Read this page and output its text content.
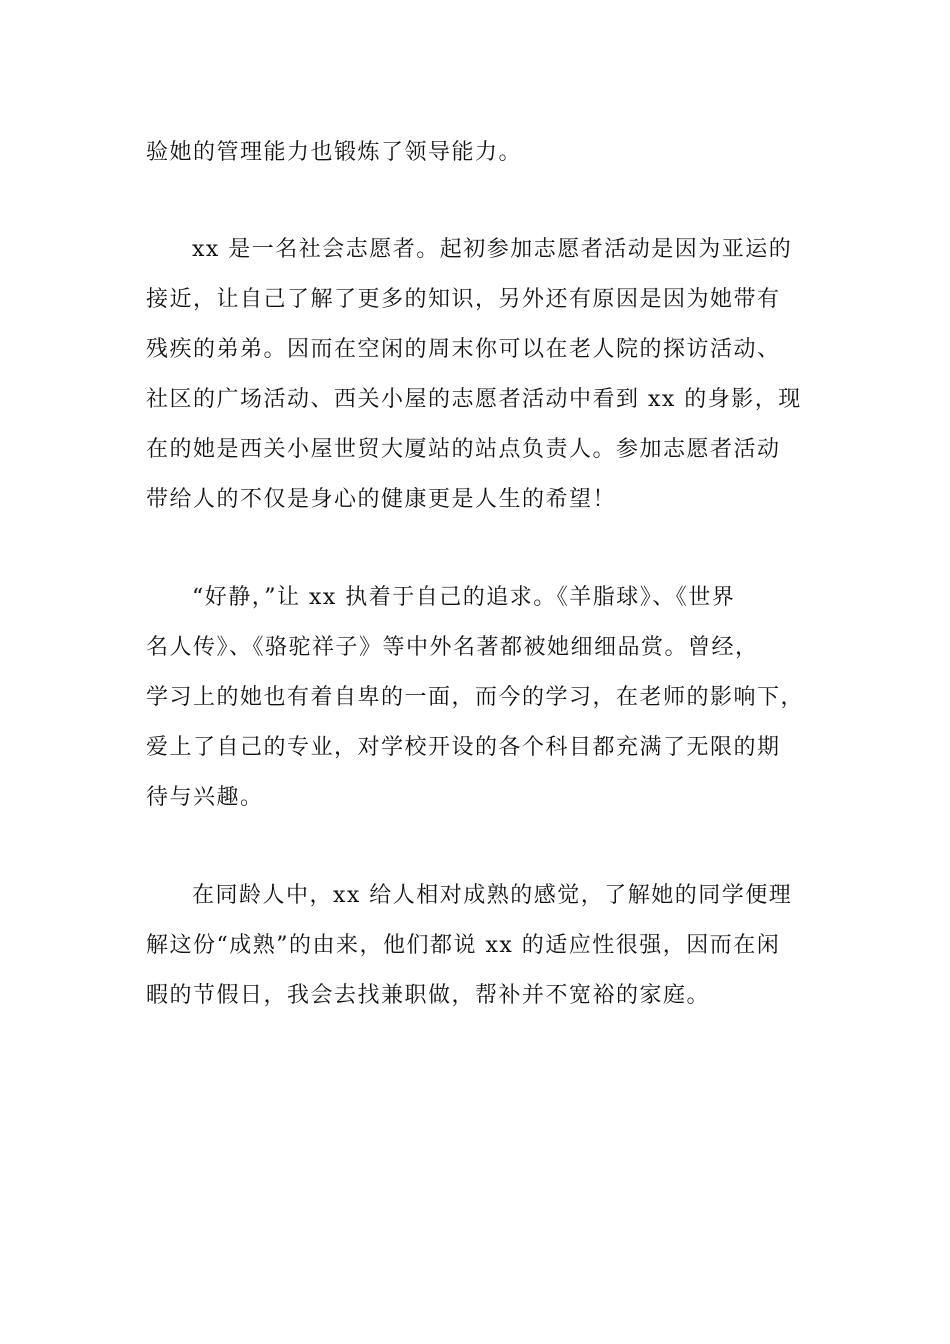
验她的管理能力也锻炼了领导能力。
xx 是一名社会志愿者。起初参加志愿者活动是因为亚运的
接近，让自己了解了更多的知识，另外还有原因是因为她带有
残疾的弟弟。因而在空闲的周末你可以在老人院的探访活动、
社区的广场活动、西关小屋的志愿者活动中看到 xx 的身影，现
在的她是西关小屋世贸大厦站的站点负责人。参加志愿者活动
带给人的不仅是身心的健康更是人生的希望！
“好静，”让 xx 执着于自己的追求。《羊脂球》、《世界
名人传》、《骆驼祥子》等中外名著都被她细细品赏。曾经，
学习上的她也有着自卑的一面，而今的学习，在老师的影响下，
爱上了自己的专业，对学校开设的各个科目都充满了无限的期
待与兴趣。
在同龄人中，xx 给人相对成熟的感觉，了解她的同学便理
解这份“成熟”的由来，他们都说 xx 的适应性很强，因而在闲
暇的节假日，我会去找兼职做，帮补并不宽裕的家庭。
